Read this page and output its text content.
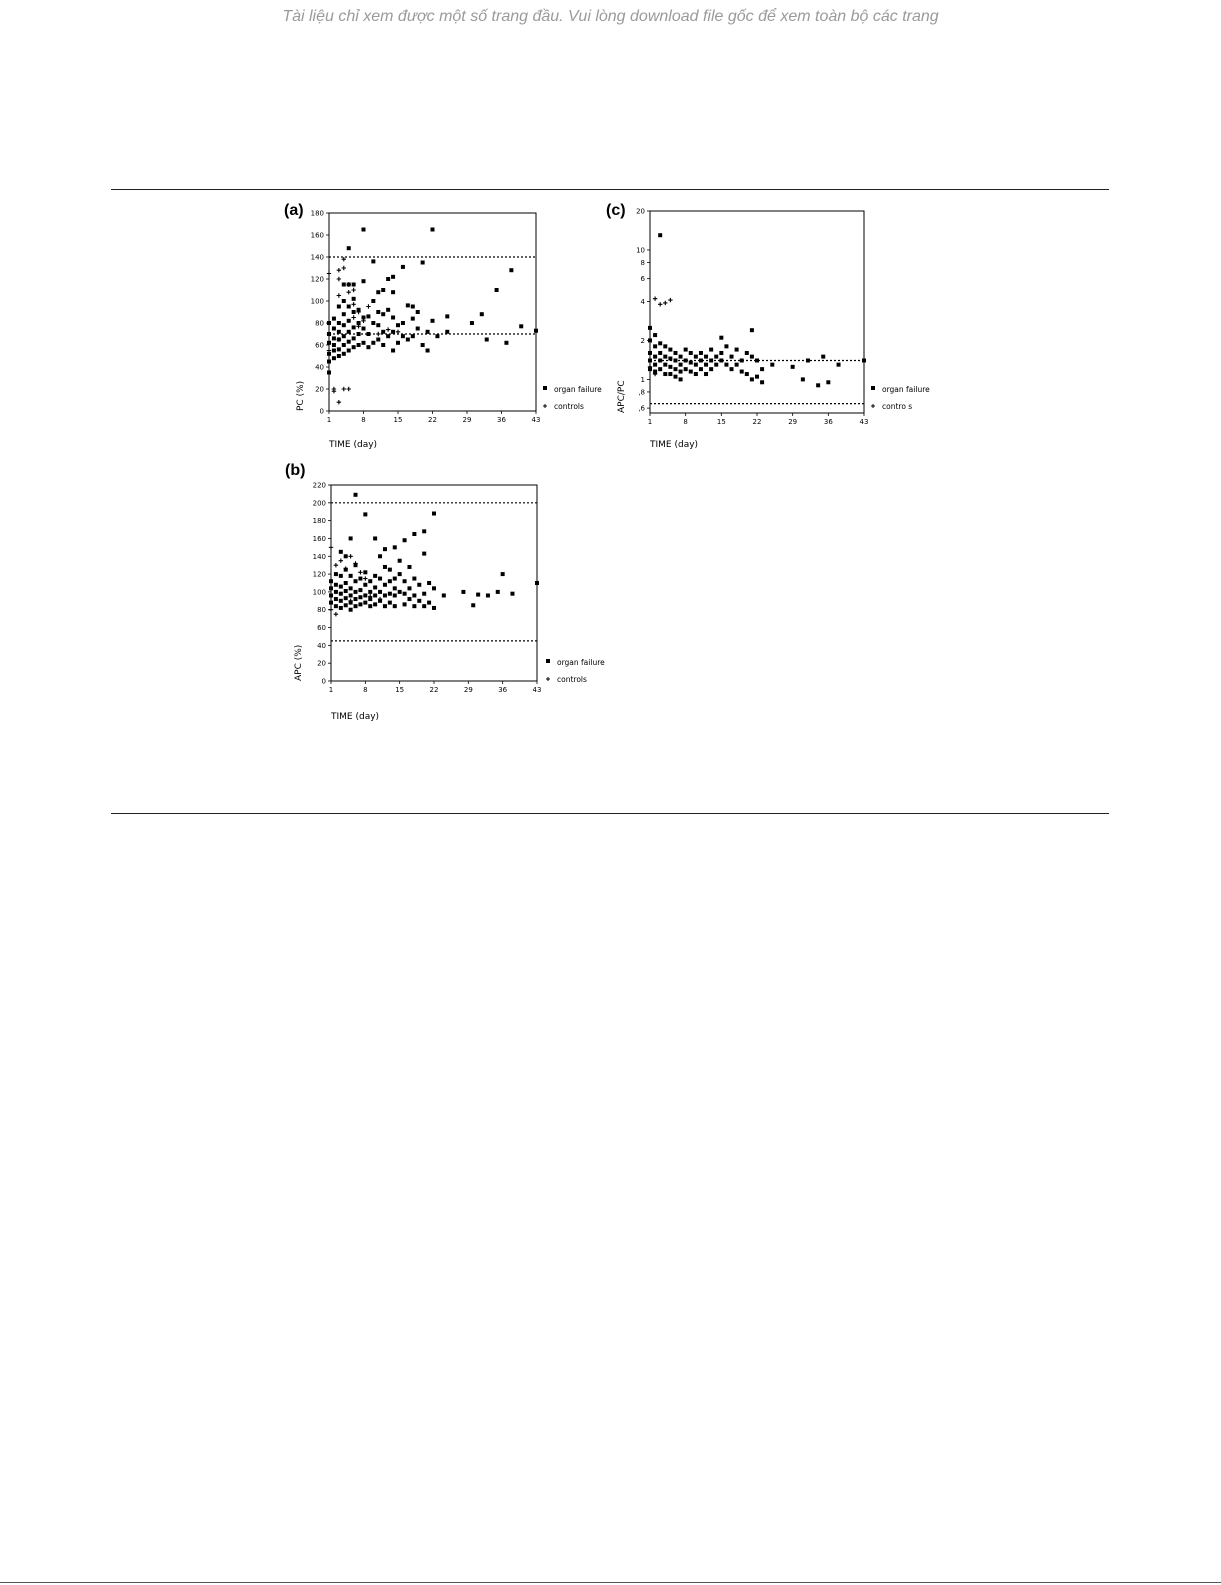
Tài liệu chỉ xem được một số trang đầu. Vui lòng download file gốc để xem toàn bộ các trang
(a)
1	8	15	22	29	36	43
0
20
40
60
80
100
120
140
160
180
TIME (day)
PC (%)	organ failure
controls
(b)
1	8	15	22	29	36	43
0
20
40
60
80
100
120
140
160
180
200
220
TIME (day)
APC (%)	organ failure
controls
(c)
1	8	15	22	29	36	43
20
10
8
6
4
2
1
,8
,6
TIME (day)
APC/PC	organ failure
contro s
